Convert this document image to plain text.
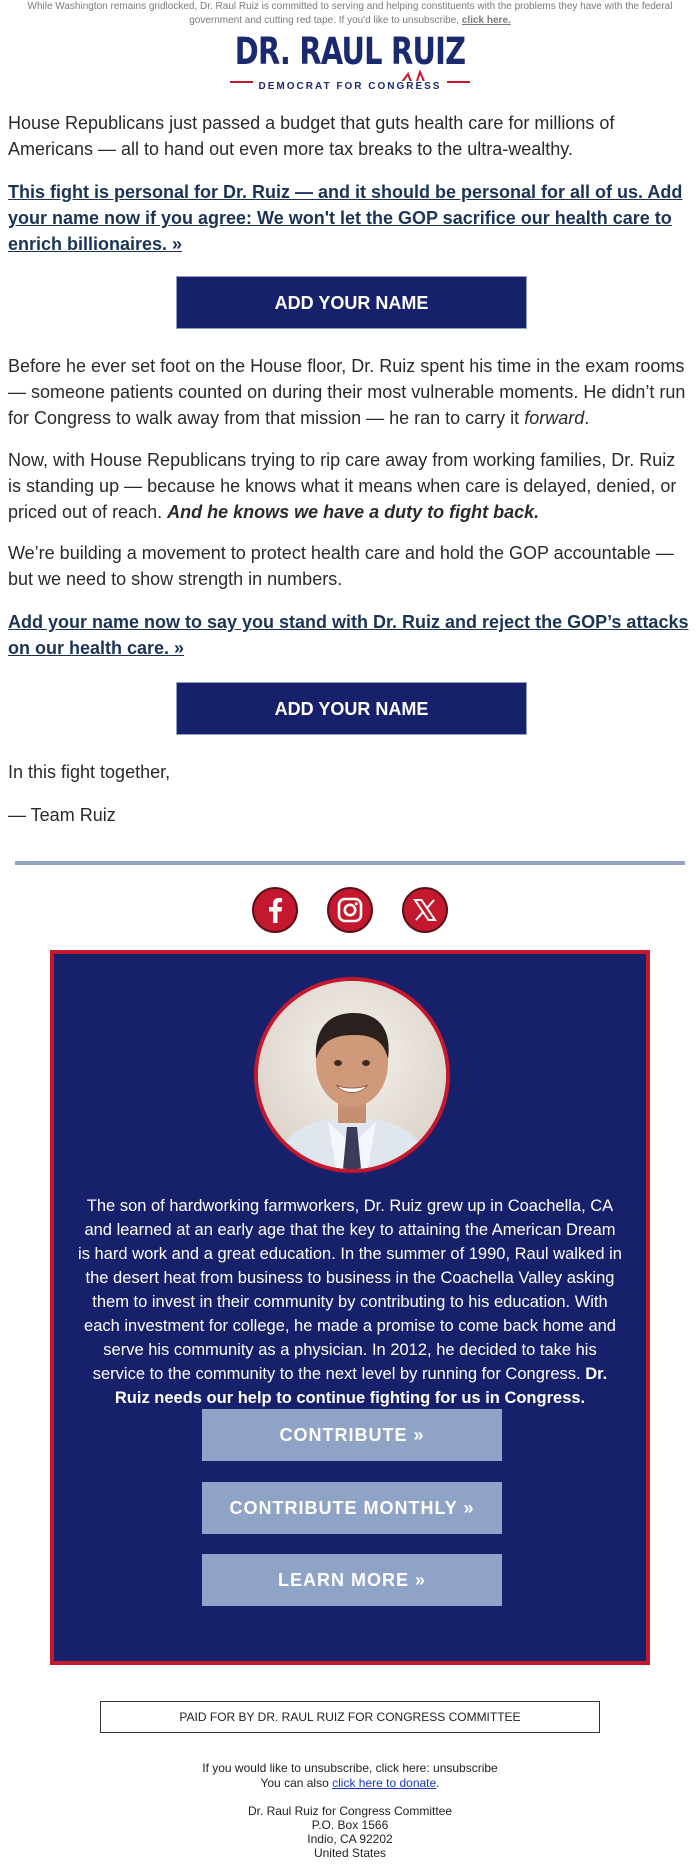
While Washington remains gridlocked, Dr. Raul Ruiz is committed to serving and helping constituents with the problems they have with the federal government and cutting red tape. If you'd like to unsubscribe, click here.
DR. RAUL RUIZ
DEMOCRAT FOR CONGRESS
House Republicans just passed a budget that guts health care for millions of Americans — all to hand out even more tax breaks to the ultra-wealthy.
This fight is personal for Dr. Ruiz — and it should be personal for all of us. Add your name now if you agree: We won't let the GOP sacrifice our health care to enrich billionaires. »
ADD YOUR NAME
Before he ever set foot on the House floor, Dr. Ruiz spent his time in the exam rooms — someone patients counted on during their most vulnerable moments. He didn’t run for Congress to walk away from that mission — he ran to carry it forward.
Now, with House Republicans trying to rip care away from working families, Dr. Ruiz is standing up — because he knows what it means when care is delayed, denied, or priced out of reach. And he knows we have a duty to fight back.
We’re building a movement to protect health care and hold the GOP accountable — but we need to show strength in numbers.
Add your name now to say you stand with Dr. Ruiz and reject the GOP’s attacks on our health care. »
ADD YOUR NAME
In this fight together,
— Team Ruiz
The son of hardworking farmworkers, Dr. Ruiz grew up in Coachella, CA and learned at an early age that the key to attaining the American Dream is hard work and a great education. In the summer of 1990, Raul walked in the desert heat from business to business in the Coachella Valley asking them to invest in their community by contributing to his education. With each investment for college, he made a promise to come back home and serve his community as a physician. In 2012, he decided to take his service to the community to the next level by running for Congress. Dr. Ruiz needs our help to continue fighting for us in Congress.
CONTRIBUTE »
CONTRIBUTE MONTHLY »
LEARN MORE »
PAID FOR BY DR. RAUL RUIZ FOR CONGRESS COMMITTEE
If you would like to unsubscribe, click here: unsubscribe
You can also click here to donate.
Dr. Raul Ruiz for Congress Committee
P.O. Box 1566
Indio, CA 92202
United States
